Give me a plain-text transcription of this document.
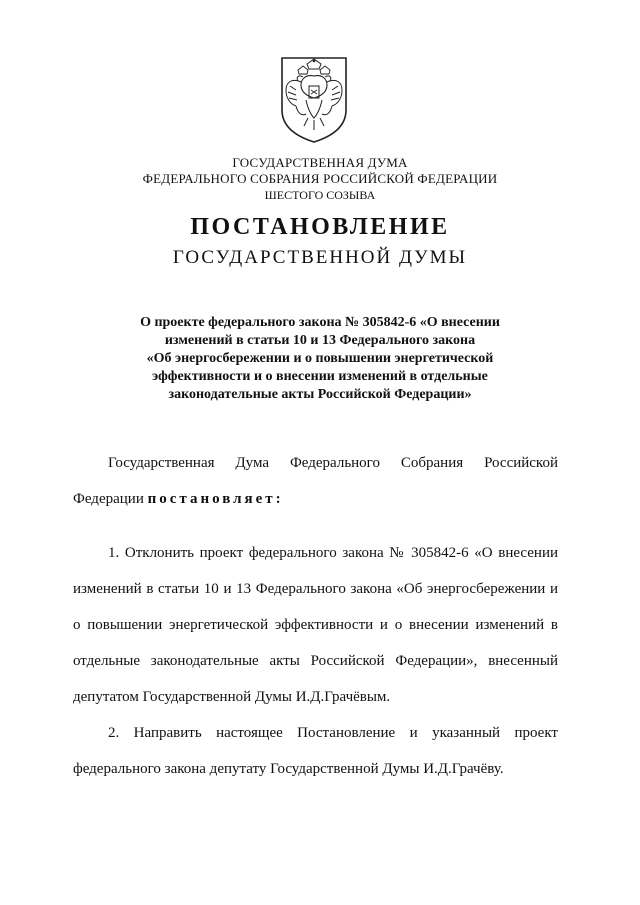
ГОСУДАРСТВЕННАЯ ДУМА
ФЕДЕРАЛЬНОГО СОБРАНИЯ РОССИЙСКОЙ ФЕДЕРАЦИИ
ШЕСТОГО СОЗЫВА
ПОСТАНОВЛЕНИЕ
ГОСУДАРСТВЕННОЙ ДУМЫ
О проекте федерального закона № 305842-6 «О внесении
изменений в статьи 10 и 13 Федерального закона
«Об энергосбережении и о повышении энергетической
эффективности и о внесении изменений в отдельные
законодательные акты Российской Федерации»
Государственная Дума Федерального Собрания Российской
Федерации постановляет:
1. Отклонить проект федерального закона № 305842-6 «О внесении
изменений в статьи 10 и 13 Федерального закона «Об энергосбережении и
о повышении энергетической эффективности и о внесении изменений в
отдельные законодательные акты Российской Федерации», внесенный
депутатом Государственной Думы И.Д.Грачёвым.
2. Направить настоящее Постановление и указанный проект
федерального закона депутату Государственной Думы И.Д.Грачёву.
